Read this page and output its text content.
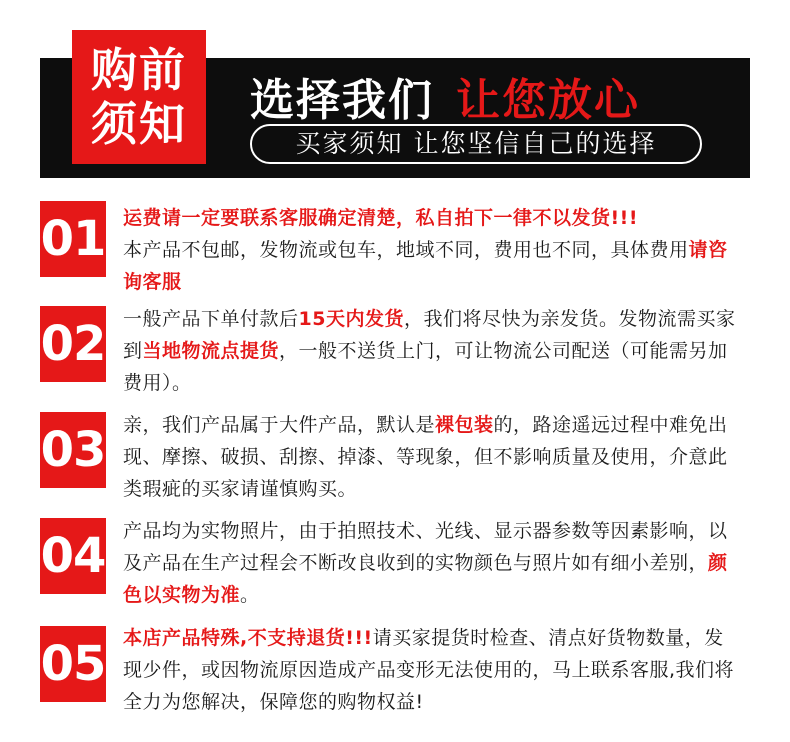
购前
须知	选择我们 让您放心
买家须知 让您坚信自己的选择
01 运费请一定要联系客服确定清楚，私自拍下一律不以发货!!!
本产品不包邮，发物流或包车，地域不同，费用也不同，具体费用请咨询客服
02 一般产品下单付款后15天内发货，我们将尽快为亲发货。发物流需买家到当地物流点提货，一般不送货上门，可让物流公司配送（可能需另加费用）。
03 亲，我们产品属于大件产品，默认是裸包装的，路途遥远过程中难免出现、摩擦、破损、刮擦、掉漆、等现象，但不影响质量及使用，介意此类瑕疵的买家请谨慎购买。
04 产品均为实物照片，由于拍照技术、光线、显示器参数等因素影响，以及产品在生产过程会不断改良收到的实物颜色与照片如有细小差别，颜色以实物为准。
05 本店产品特殊,不支持退货!!!请买家提货时检查、清点好货物数量，发现少件，或因物流原因造成产品变形无法使用的，马上联系客服,我们将全力为您解决，保障您的购物权益!
